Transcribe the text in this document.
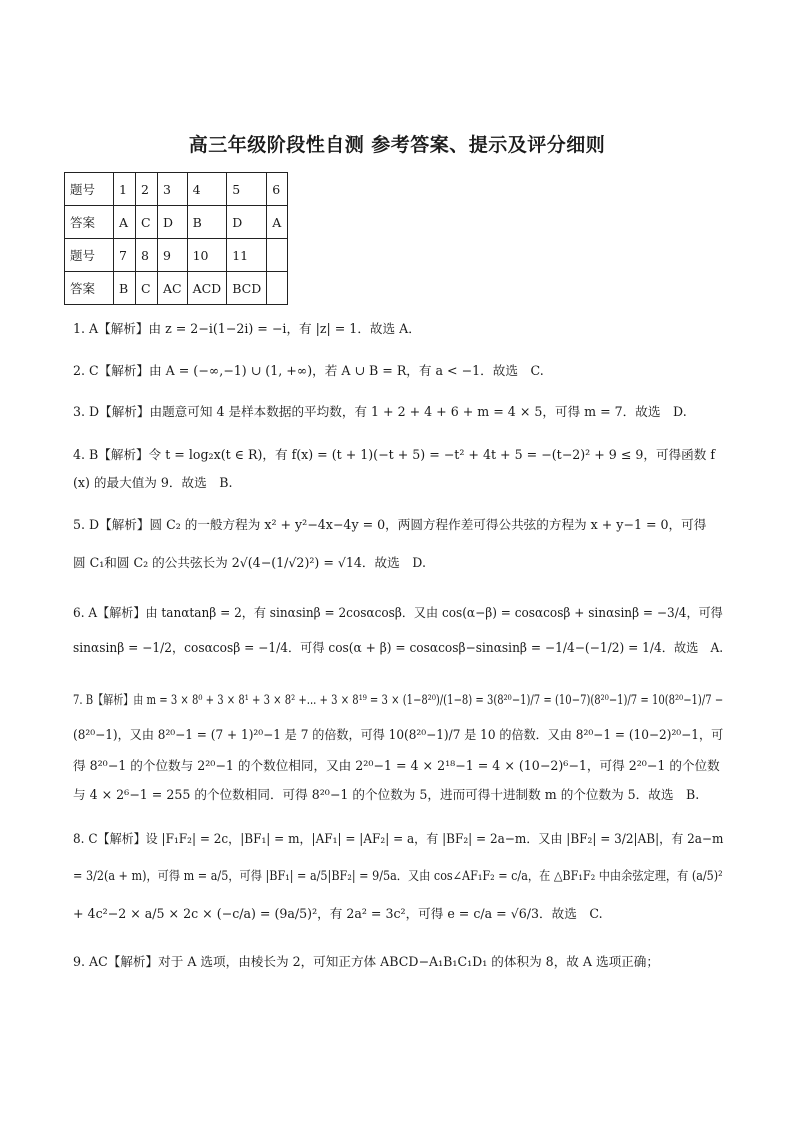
高三年级阶段性自测 参考答案、提示及评分细则
题号	1	2	3	4	5	6
答案	A	C	D	B	D	A
题号	7	8	9	10	11	
答案	B	C	AC	ACD	BCD	
1. A【解析】由 z = 2−i(1−2i) = −i，有 |z| = 1．故选 A．
2. C【解析】由 A = (−∞,−1) ∪ (1, +∞)，若 A ∪ B = R，有 a < −1．故选　C.
3. D【解析】由题意可知 4 是样本数据的平均数，有 1 + 2 + 4 + 6 + m = 4 × 5，可得 m = 7．故选　D.
4. B【解析】令 t = log₂x(t ∈ R)，有 f(x) = (t + 1)(−t + 5) = −t² + 4t + 5 = −(t−2)² + 9 ≤ 9，可得函数 f
(x) 的最大值为 9．故选　B.
5. D【解析】圆 C₂ 的一般方程为 x² + y²−4x−4y = 0，两圆方程作差可得公共弦的方程为 x + y−1 = 0，可得
圆 C₁和圆 C₂ 的公共弦长为 2√(4−(1/√2)²) = √14．故选　D.
6. A【解析】由 tanαtanβ = 2，有 sinαsinβ = 2cosαcosβ．又由 cos(α−β) = cosαcosβ + sinαsinβ = −3/4，可得
sinαsinβ = −1/2，cosαcosβ = −1/4．可得 cos(α + β) = cosαcosβ−sinαsinβ = −1/4−(−1/2) = 1/4．故选　A.
7. B【解析】由 m = 3 × 8⁰ + 3 × 8¹ + 3 × 8² +... + 3 × 8¹⁹ = 3 × (1−8²⁰)/(1−8) = 3(8²⁰−1)/7 = (10−7)(8²⁰−1)/7 = 10(8²⁰−1)/7 −
(8²⁰−1)，又由 8²⁰−1 = (7 + 1)²⁰−1 是 7 的倍数，可得 10(8²⁰−1)/7 是 10 的倍数．又由 8²⁰−1 = (10−2)²⁰−1，可
得 8²⁰−1 的个位数与 2²⁰−1 的个数位相同，又由 2²⁰−1 = 4 × 2¹⁸−1 = 4 × (10−2)⁶−1，可得 2²⁰−1 的个位数
与 4 × 2⁶−1 = 255 的个位数相同．可得 8²⁰−1 的个位数为 5，进而可得十进制数 m 的个位数为 5．故选　B.
8. C【解析】设 |F₁F₂| = 2c，|BF₁| = m，|AF₁| = |AF₂| = a，有 |BF₂| = 2a−m．又由 |BF₂| = 3/2|AB|，有 2a−m
= 3/2(a + m)，可得 m = a/5，可得 |BF₁| = a/5|BF₂| = 9/5a．又由 cos∠AF₁F₂ = c/a，在 △BF₁F₂ 中由余弦定理，有 (a/5)²
+ 4c²−2 × a/5 × 2c × (−c/a) = (9a/5)²，有 2a² = 3c²，可得 e = c/a = √6/3．故选　C.
9. AC【解析】对于 A 选项，由棱长为 2，可知正方体 ABCD−A₁B₁C₁D₁ 的体积为 8，故 A 选项正确；
